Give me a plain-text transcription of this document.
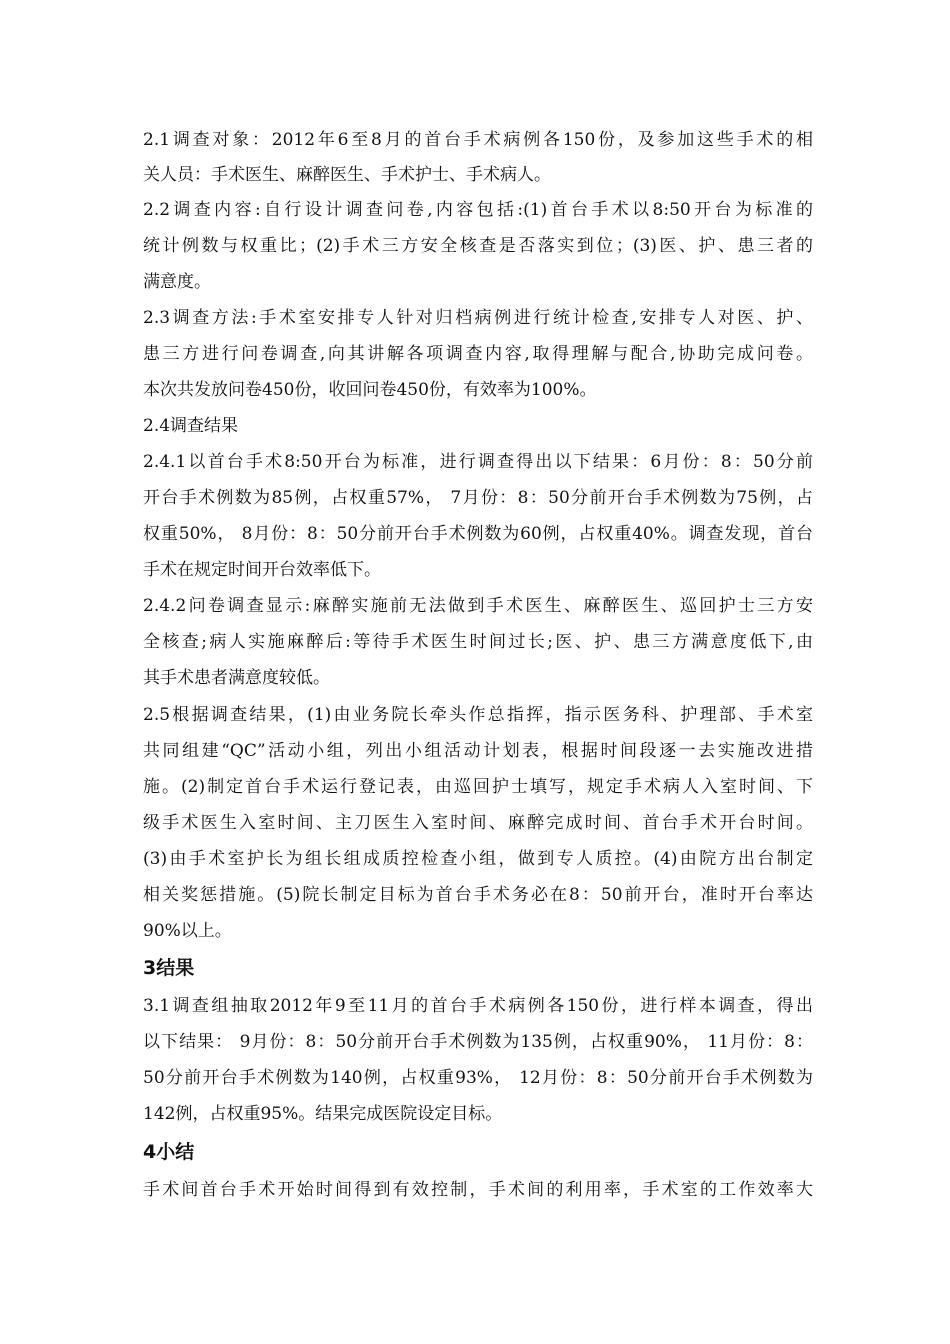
2.1调查对象：2012年6至8月的首台手术病例各150份，及参加这些手术的相
关人员：手术医生、麻醉医生、手术护士、手术病人。
2.2调查内容:自行设计调查问卷,内容包括:(1)首台手术以8:50开台为标准的
统计例数与权重比；(2)手术三方安全核查是否落实到位；(3)医、护、患三者的
满意度。
2.3调查方法:手术室安排专人针对归档病例进行统计检查,安排专人对医、护、
患三方进行问卷调查,向其讲解各项调查内容,取得理解与配合,协助完成问卷。
本次共发放问卷450份，收回问卷450份，有效率为100%。
2.4调查结果
2.4.1以首台手术8:50开台为标准，进行调查得出以下结果：6月份：8：50分前
开台手术例数为85例，占权重57%， 7月份：8：50分前开台手术例数为75例，占
权重50%， 8月份：8：50分前开台手术例数为60例，占权重40%。调查发现，首台
手术在规定时间开台效率低下。
2.4.2问卷调查显示:麻醉实施前无法做到手术医生、麻醉医生、巡回护士三方安
全核查;病人实施麻醉后:等待手术医生时间过长;医、护、患三方满意度低下,由
其手术患者满意度较低。
2.5根据调查结果，(1)由业务院长牵头作总指挥，指示医务科、护理部、手术室
共同组建“QC”活动小组，列出小组活动计划表，根据时间段逐一去实施改进措
施。(2)制定首台手术运行登记表，由巡回护士填写，规定手术病人入室时间、下
级手术医生入室时间、主刀医生入室时间、麻醉完成时间、首台手术开台时间。
(3)由手术室护长为组长组成质控检查小组，做到专人质控。(4)由院方出台制定
相关奖惩措施。(5)院长制定目标为首台手术务必在8：50前开台，准时开台率达
90%以上。
3结果
3.1调查组抽取2012年9至11月的首台手术病例各150份，进行样本调查，得出
以下结果： 9月份：8：50分前开台手术例数为135例，占权重90%， 11月份：8：
50分前开台手术例数为140例，占权重93%， 12月份：8：50分前开台手术例数为
142例，占权重95%。结果完成医院设定目标。
4小结
手术间首台手术开始时间得到有效控制，手术间的利用率，手术室的工作效率大
